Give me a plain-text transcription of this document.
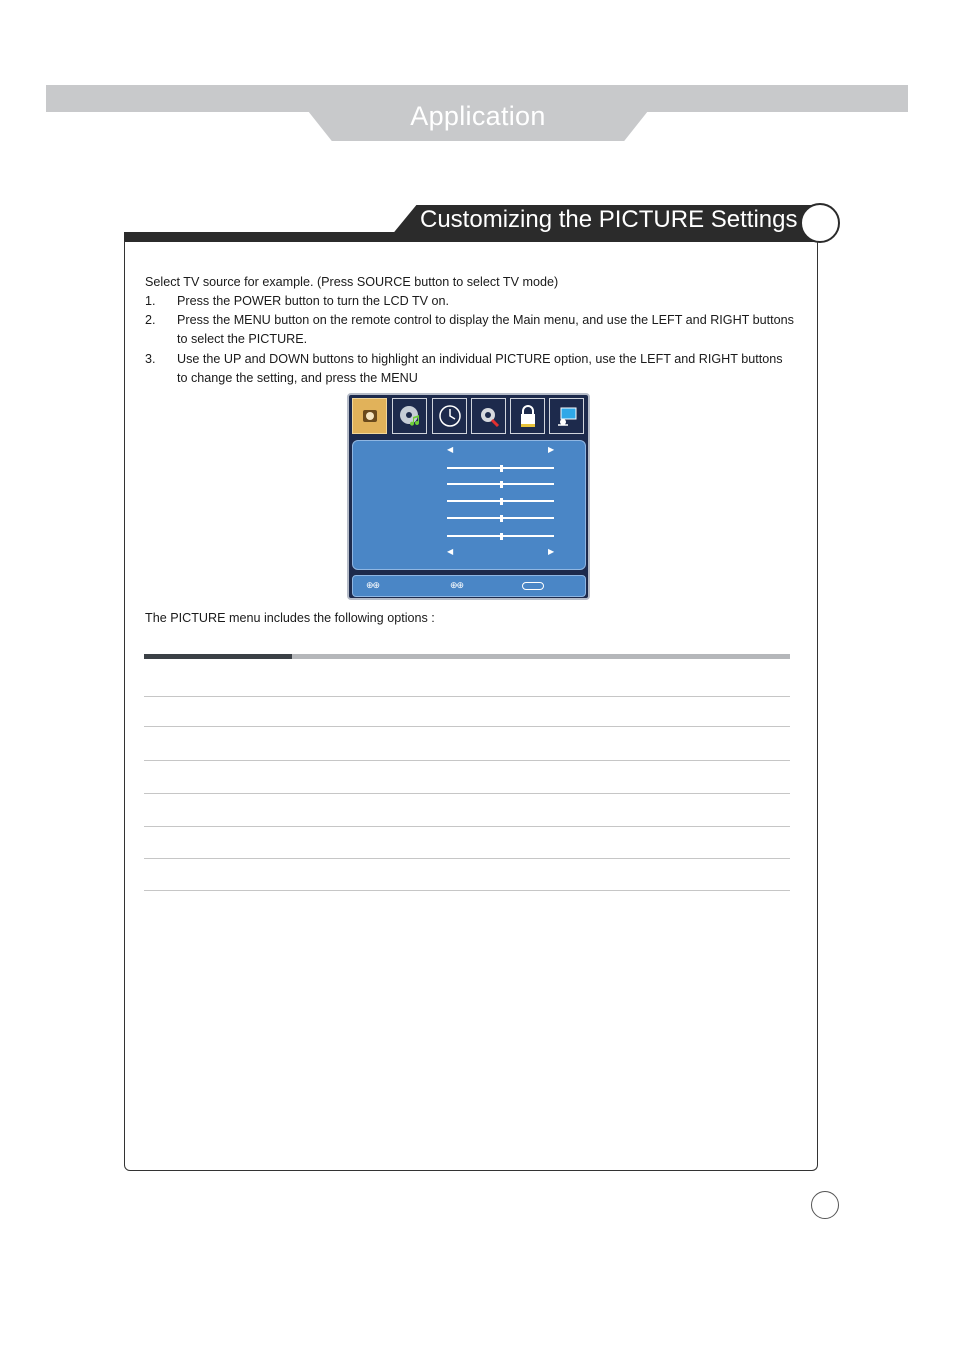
Application
Customizing the PICTURE Settings
Select TV source for example. (Press SOURCE button to select TV mode)
1.	Press the POWER button to turn the LCD TV on.
2.	Press the MENU button on the remote control to display the Main menu, and use the LEFT and RIGHT buttons
to select the PICTURE.
3.	Use the UP and DOWN buttons to highlight an individual PICTURE option, use the LEFT and RIGHT buttons
to change the setting, and press the MENU
◀	▶
◀	▶
⊕⊕	⊕⊕
The PICTURE menu includes the following options :
